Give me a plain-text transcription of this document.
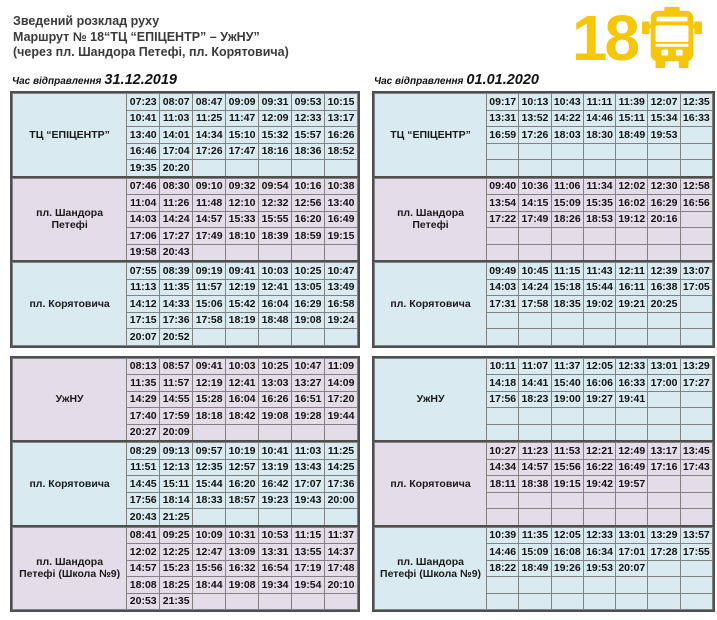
Зведений розклад руху
Маршрут № 18“ТЦ “ЕПІЦЕНТР” – УжНУ”
(через пл. Шандора Петефі, пл. Корятовича)	18
Час відправлення 31.12.2019
ТЦ “ЕПІЦЕНТР”	07:23	08:07	08:47	09:09	09:31	09:53	10:15
	10:41	11:03	11:25	11:47	12:09	12:33	13:17
	13:40	14:01	14:34	15:10	15:32	15:57	16:26
	16:46	17:04	17:26	17:47	18:16	18:36	18:52
	19:35	20:20					
пл. Шандора Петефі	07:46	08:30	09:10	09:32	09:54	10:16	10:38
	11:04	11:26	11:48	12:10	12:32	12:56	13:40
	14:03	14:24	14:57	15:33	15:55	16:20	16:49
	17:06	17:27	17:49	18:10	18:39	18:59	19:15
	19:58	20:43					
пл. Корятовича	07:55	08:39	09:19	09:41	10:03	10:25	10:47
	11:13	11:35	11:57	12:19	12:41	13:05	13:49
	14:12	14:33	15:06	15:42	16:04	16:29	16:58
	17:15	17:36	17:58	18:19	18:48	19:08	19:24
	20:07	20:52					
УжНУ	08:13	08:57	09:41	10:03	10:25	10:47	11:09
	11:35	11:57	12:19	12:41	13:03	13:27	14:09
	14:29	14:55	15:28	16:04	16:26	16:51	17:20
	17:40	17:59	18:18	18:42	19:08	19:28	19:44
	20:27	20:09					
пл. Корятовича	08:29	09:13	09:57	10:19	10:41	11:03	11:25
	11:51	12:13	12:35	12:57	13:19	13:43	14:25
	14:45	15:11	15:44	16:20	16:42	17:07	17:36
	17:56	18:14	18:33	18:57	19:23	19:43	20:00
	20:43	21:25					
пл. Шандора Петефі (Школа №9)	08:41	09:25	10:09	10:31	10:53	11:15	11:37
	12:02	12:25	12:47	13:09	13:31	13:55	14:37
	14:57	15:23	15:56	16:32	16:54	17:19	17:48
	18:08	18:25	18:44	19:08	19:34	19:54	20:10
	20:53	21:35					
Час відправлення 01.01.2020
ТЦ “ЕПІЦЕНТР”	09:17	10:13	10:43	11:11	11:39	12:07	12:35
	13:31	13:52	14:22	14:46	15:11	15:34	16:33
	16:59	17:26	18:03	18:30	18:49	19:53	

пл. Шандора Петефі	09:40	10:36	11:06	11:34	12:02	12:30	12:58
	13:54	14:15	15:09	15:35	16:02	16:29	16:56
	17:22	17:49	18:26	18:53	19:12	20:16	

пл. Корятовича	09:49	10:45	11:15	11:43	12:11	12:39	13:07
	14:03	14:24	15:18	15:44	16:11	16:38	17:05
	17:31	17:58	18:35	19:02	19:21	20:25	

УжНУ	10:11	11:07	11:37	12:05	12:33	13:01	13:29
	14:18	14:41	15:40	16:06	16:33	17:00	17:27
	17:56	18:23	19:00	19:27	19:41		

пл. Корятовича	10:27	11:23	11:53	12:21	12:49	13:17	13:45
	14:34	14:57	15:56	16:22	16:49	17:16	17:43
	18:11	18:38	19:15	19:42	19:57		

пл. Шандора Петефі (Школа №9)	10:39	11:35	12:05	12:33	13:01	13:29	13:57
	14:46	15:09	16:08	16:34	17:01	17:28	17:55
	18:22	18:49	19:26	19:53	20:07		
